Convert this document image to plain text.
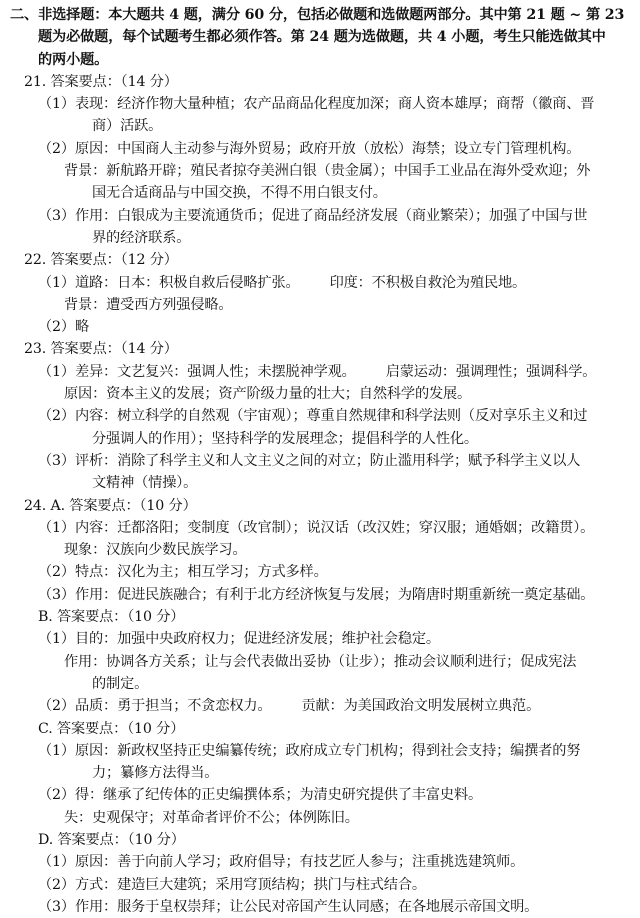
二、非选择题：本大题共 4 题，满分 60 分，包括必做题和选做题两部分。其中第 21 题 ~ 第 23
题为必做题，每个试题考生都必须作答。第 24 题为选做题，共 4 小题，考生只能选做其中
的两小题。
21. 答案要点：（14 分）
（1）表现：经济作物大量种植；农产品商品化程度加深；商人资本雄厚；商帮（徽商、晋
商）活跃。
（2）原因：中国商人主动参与海外贸易；政府开放（放松）海禁；设立专门管理机构。
背景：新航路开辟；殖民者掠夺美洲白银（贵金属）；中国手工业品在海外受欢迎；外
国无合适商品与中国交换，不得不用白银支付。
（3）作用：白银成为主要流通货币；促进了商品经济发展（商业繁荣）；加强了中国与世
界的经济联系。
22. 答案要点：（12 分）
（1）道路：日本：积极自救后侵略扩张。 印度：不积极自救沦为殖民地。
背景：遭受西方列强侵略。
（2）略
23. 答案要点：（14 分）
（1）差异：文艺复兴：强调人性；未摆脱神学观。 启蒙运动：强调理性；强调科学。
原因：资本主义的发展；资产阶级力量的壮大；自然科学的发展。
（2）内容：树立科学的自然观（宇宙观）；尊重自然规律和科学法则（反对享乐主义和过
分强调人的作用）；坚持科学的发展理念；提倡科学的人性化。
（3）评析：消除了科学主义和人文主义之间的对立；防止滥用科学；赋予科学主义以人
文精神（情操）。
24. A. 答案要点：（10 分）
（1）内容：迁都洛阳；变制度（改官制）；说汉话（改汉姓；穿汉服；通婚姻；改籍贯）。
现象：汉族向少数民族学习。
（2）特点：汉化为主；相互学习；方式多样。
（3）作用：促进民族融合；有利于北方经济恢复与发展；为隋唐时期重新统一奠定基础。
B. 答案要点：（10 分）
（1）目的：加强中央政府权力；促进经济发展；维护社会稳定。
作用：协调各方关系；让与会代表做出妥协（让步）；推动会议顺利进行；促成宪法
的制定。
（2）品质：勇于担当；不贪恋权力。 贡献：为美国政治文明发展树立典范。
C. 答案要点：（10 分）
（1）原因：新政权坚持正史编纂传统；政府成立专门机构；得到社会支持；编撰者的努
力；纂修方法得当。
（2）得：继承了纪传体的正史编撰体系；为清史研究提供了丰富史料。
失：史观保守；对革命者评价不公；体例陈旧。
D. 答案要点：（10 分）
（1）原因：善于向前人学习；政府倡导；有技艺匠人参与；注重挑选建筑师。
（2）方式：建造巨大建筑；采用穹顶结构；拱门与柱式结合。
（3）作用：服务于皇权崇拜；让公民对帝国产生认同感；在各地展示帝国文明。
